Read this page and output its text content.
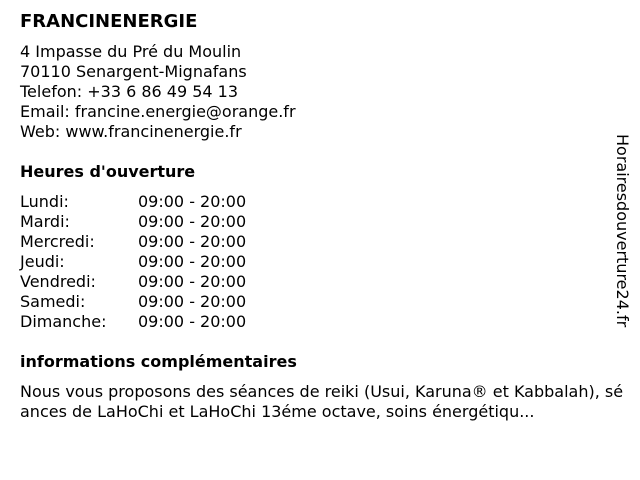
FRANCINENERGIE
4 Impasse du Pré du Moulin
70110 Senargent-Mignafans
Telefon: +33 6 86 49 54 13
Email: francine.energie@orange.fr
Web: www.francinenergie.fr
Heures d'ouverture
Lundi:	09:00 - 20:00
Mardi:	09:00 - 20:00
Mercredi:	09:00 - 20:00
Jeudi:	09:00 - 20:00
Vendredi:	09:00 - 20:00
Samedi:	09:00 - 20:00
Dimanche:	09:00 - 20:00
informations complémentaires
Nous vous proposons des séances de reiki (Usui, Karuna® et Kabbalah), séances de LaHoChi et LaHoChi 13éme octave, soins énergétiqu...
Horairesdouverture24.fr
